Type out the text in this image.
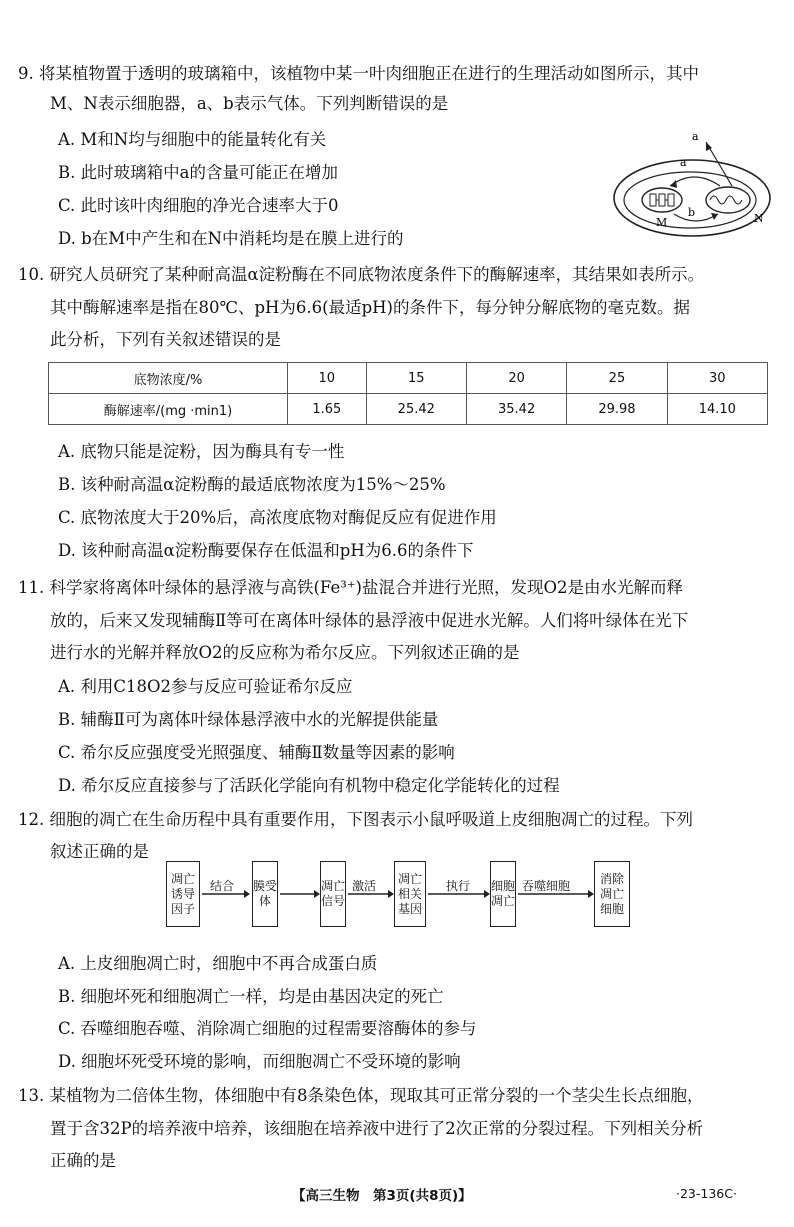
9. 将某植物置于透明的玻璃箱中，该植物中某一叶肉细胞正在进行的生理活动如图所示，其中
M、N表示细胞器，a、b表示气体。下列判断错误的是
A. M和N均与细胞中的能量转化有关
B. 此时玻璃箱中a的含量可能正在增加
C. 此时该叶肉细胞的净光合速率大于0
D. b在M中产生和在N中消耗均是在膜上进行的
a
a
b
M	N
10. 研究人员研究了某种耐高温α淀粉酶在不同底物浓度条件下的酶解速率，其结果如表所示。
其中酶解速率是指在80℃、pH为6.6(最适pH)的条件下，每分钟分解底物的毫克数。据
此分析，下列有关叙述错误的是
底物浓度/%	10	15	20	25	30
酶解速率/(mg ·min1)	1.65	25.42	35.42	29.98	14.10
A. 底物只能是淀粉，因为酶具有专一性
B. 该种耐高温α淀粉酶的最适底物浓度为15%～25%
C. 底物浓度大于20%后，高浓度底物对酶促反应有促进作用
D. 该种耐高温α淀粉酶要保存在低温和pH为6.6的条件下
11. 科学家将离体叶绿体的悬浮液与高铁(Fe³⁺)盐混合并进行光照，发现O2是由水光解而释
放的，后来又发现辅酶Ⅱ等可在离体叶绿体的悬浮液中促进水光解。人们将叶绿体在光下
进行水的光解并释放O2的反应称为希尔反应。下列叙述正确的是
A. 利用C18O2参与反应可验证希尔反应
B. 辅酶Ⅱ可为离体叶绿体悬浮液中水的光解提供能量
C. 希尔反应强度受光照强度、辅酶Ⅱ数量等因素的影响
D. 希尔反应直接参与了活跃化学能向有机物中稳定化学能转化的过程
12. 细胞的凋亡在生命历程中具有重要作用，下图表示小鼠呼吸道上皮细胞凋亡的过程。下列
叙述正确的是
凋亡诱导因子
结合 膜受体
凋亡信号
激活
凋亡相关基因
执行 细胞凋亡
吞噬细胞
消除凋亡细胞
A. 上皮细胞凋亡时，细胞中不再合成蛋白质
B. 细胞坏死和细胞凋亡一样，均是由基因决定的死亡
C. 吞噬细胞吞噬、消除凋亡细胞的过程需要溶酶体的参与
D. 细胞坏死受环境的影响，而细胞凋亡不受环境的影响
13. 某植物为二倍体生物，体细胞中有8条染色体，现取其可正常分裂的一个茎尖生长点细胞，
置于含32P的培养液中培养，该细胞在培养液中进行了2次正常的分裂过程。下列相关分析
正确的是
【高三生物　第3页(共8页)】	·23-136C·
